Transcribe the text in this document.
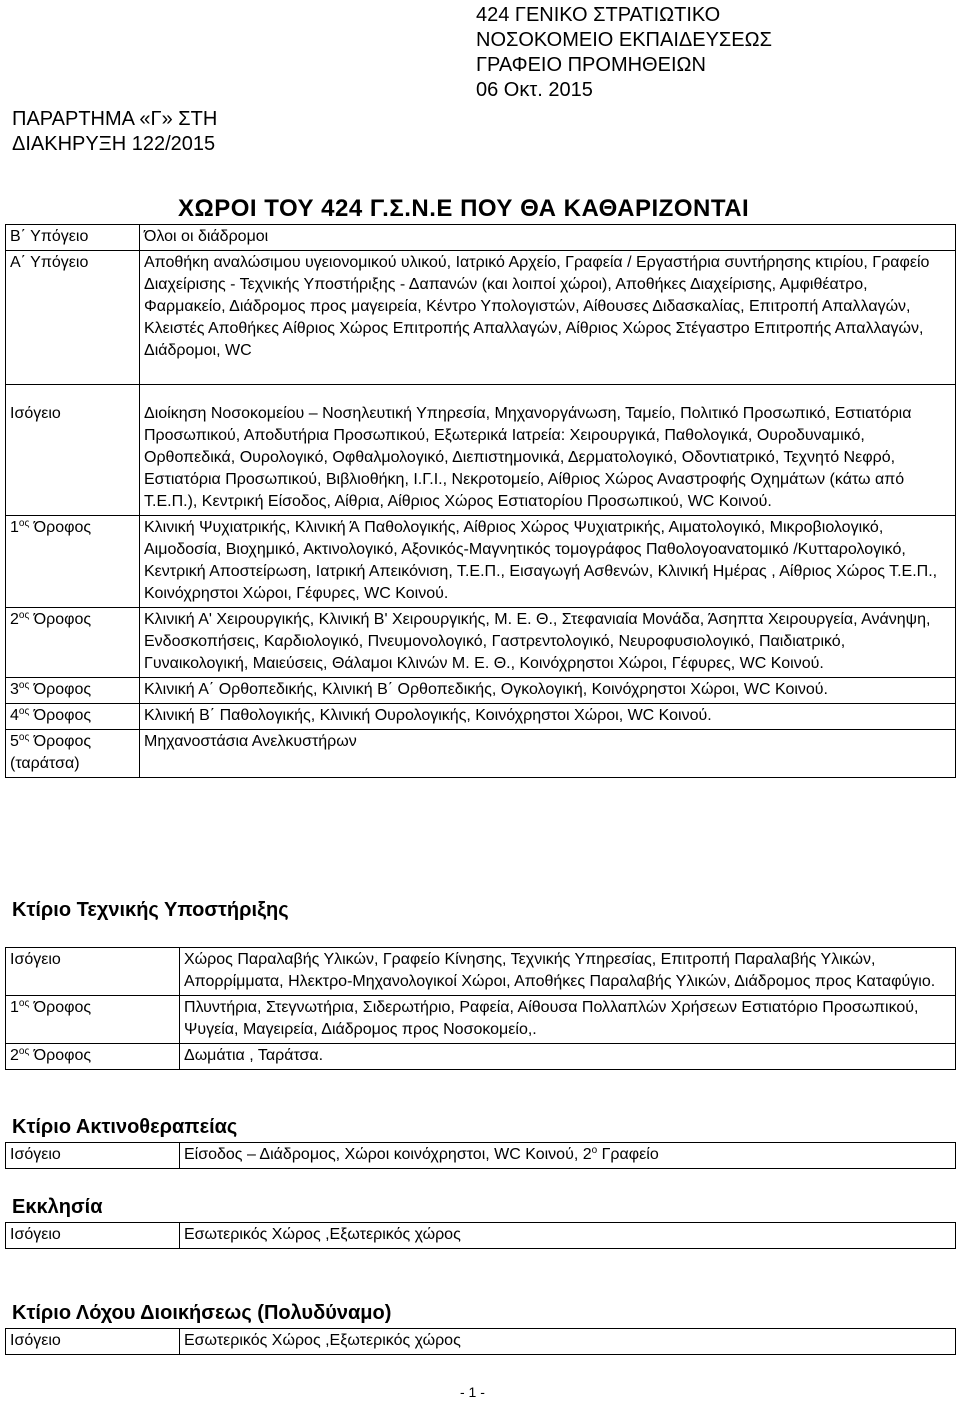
424 ΓΕΝΙΚΟ ΣΤΡΑΤΙΩΤΙΚΟ
ΝΟΣΟΚΟΜΕΙΟ ΕΚΠΑΙΔΕΥΣΕΩΣ
ΓΡΑΦΕΙΟ ΠΡΟΜΗΘΕΙΩΝ
06 Οκτ. 2015
ΠΑΡΑΡΤΗΜΑ «Γ» ΣΤΗ
ΔΙΑΚΗΡΥΞΗ 122/2015
ΧΩΡΟΙ ΤΟΥ 424 Γ.Σ.Ν.Ε ΠΟΥ ΘΑ ΚΑΘΑΡΙΖΟΝΤΑΙ
Β΄ Υπόγειο	Όλοι οι διάδρομοι
Α΄ Υπόγειο	Αποθήκη αναλώσιμου υγειονομικού υλικού, Ιατρικό Αρχείο, Γραφεία / Εργαστήρια συντήρησης κτιρίου, Γραφείο Διαχείρισης - Τεχνικής Υποστήριξης - Δαπανών (και λοιποί χώροι), Αποθήκες Διαχείρισης, Αμφιθέατρο, Φαρμακείο, Διάδρομος προς μαγειρεία, Κέντρο Υπολογιστών, Αίθουσες Διδασκαλίας, Επιτροπή Απαλλαγών, Κλειστές Αποθήκες Αίθριος Χώρος Επιτροπής Απαλλαγών, Αίθριος Χώρος Στέγαστρο Επιτροπής Απαλλαγών, Διάδρομοι, WC
Ισόγειο	Διοίκηση Νοσοκομείου – Νοσηλευτική Υπηρεσία, Μηχανοργάνωση, Ταμείο, Πολιτικό Προσωπικό, Εστιατόρια Προσωπικού, Αποδυτήρια Προσωπικού, Εξωτερικά Ιατρεία: Χειρουργικά, Παθολογικά, Ουροδυναμικό, Ορθοπεδικά, Ουρολογικό, Οφθαλμολογικό, Διεπιστημονικά, Δερματολογικό, Οδοντιατρικό, Τεχνητό Νεφρό, Εστιατόρια Προσωπικού, Βιβλιοθήκη, Ι.Γ.Ι., Νεκροτομείο, Αίθριος Χώρος Αναστροφής Οχημάτων (κάτω από Τ.Ε.Π.), Κεντρική Είσοδος, Αίθρια, Αίθριος Χώρος Εστιατορίου Προσωπικού, WC Κοινού.
$1^{o\varsigma}$ Όροφος	Κλινική Ψυχιατρικής, Κλινική Ά Παθολογικής, Αίθριος Χώρος Ψυχιατρικής, Αιματολογικό, Μικροβιολογικό, Αιμοδοσία, Βιοχημικό, Ακτινολογικό, Αξονικός-Μαγνητικός τομογράφος Παθολογοανατομικό /Κυτταρολογικό, Κεντρική Αποστείρωση, Ιατρική Απεικόνιση, Τ.Ε.Π., Εισαγωγή Ασθενών, Κλινική Ημέρας , Αίθριος Χώρος Τ.Ε.Π., Κοινόχρηστοι Χώροι, Γέφυρες, WC Κοινού.
$2^{o\varsigma}$ Όροφος	Κλινική Α' Χειρουργικής, Κλινική Β' Χειρουργικής, Μ. Ε. Θ., Στεφανιαία Μονάδα, Άσηπτα Χειρουργεία, Ανάνηψη, Ενδοσκοπήσεις, Καρδιολογικό, Πνευμονολογικό, Γαστρεντολογικό, Νευροφυσιολογικό, Παιδιατρικό, Γυναικολογική, Μαιεύσεις, Θάλαμοι Κλινών Μ. Ε. Θ., Κοινόχρηστοι Χώροι, Γέφυρες, WC Κοινού.
$3^{o\varsigma}$ Όροφος	Κλινική Α΄ Ορθοπεδικής, Κλινική Β΄ Ορθοπεδικής, Ογκολογική, Κοινόχρηστοι Χώροι, WC Κοινού.
$4^{o\varsigma}$ Όροφος	Κλινική Β΄ Παθολογικής, Κλινική Ουρολογικής, Κοινόχρηστοι Χώροι, WC Κοινού.
$5^{o\varsigma}$ Όροφος
(ταράτσα)	Μηχανοστάσια Ανελκυστήρων
Κτίριο Τεχνικής Υποστήριξης
Ισόγειο	Χώρος Παραλαβής Υλικών, Γραφείο Κίνησης, Τεχνικής Υπηρεσίας, Επιτροπή Παραλαβής Υλικών, Απορρίμματα, Ηλεκτρο-Μηχανολογικοί Χώροι, Αποθήκες Παραλαβής Υλικών, Διάδρομος προς Καταφύγιο.
$1^{o\varsigma}$ Όροφος	Πλυντήρια, Στεγνωτήρια, Σιδερωτήριο, Ραφεία, Αίθουσα Πολλαπλών Χρήσεων Εστιατόριο Προσωπικού, Ψυγεία, Μαγειρεία, Διάδρομος προς Νοσοκομείο,.
$2^{o\varsigma}$ Όροφος	Δωμάτια , Ταράτσα.
Κτίριο Ακτινοθεραπείας
Ισόγειο	Είσοδος – Διάδρομος, Χώροι κοινόχρηστοι, WC Κοινού, $2^o$ Γραφείο
Εκκλησία
Ισόγειο	Εσωτερικός Χώρος ,Εξωτερικός χώρος
Κτίριο Λόχου Διοικήσεως (Πολυδύναμο)
Ισόγειο	Εσωτερικός Χώρος ,Εξωτερικός χώρος
- 1 -
